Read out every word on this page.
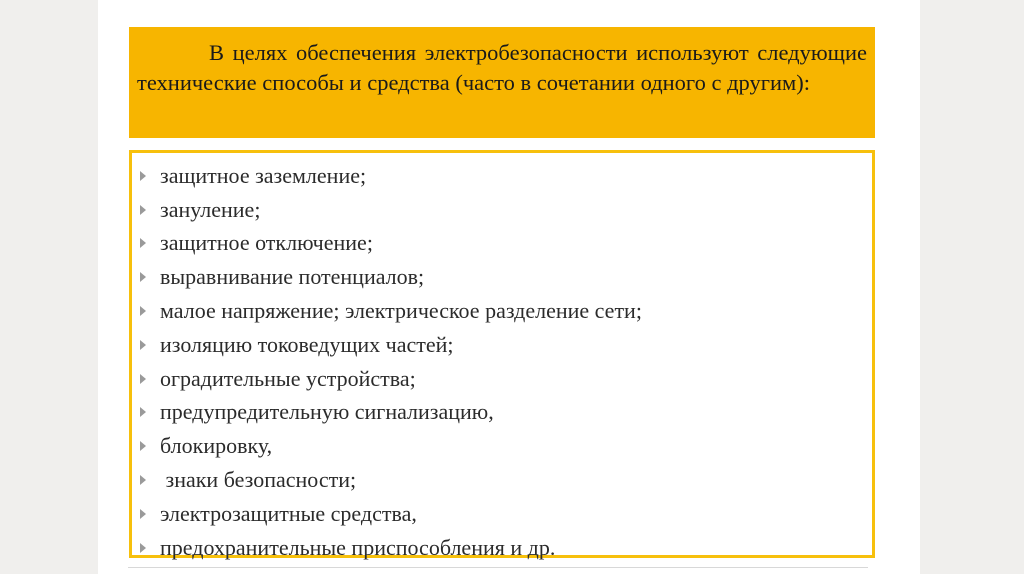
В целях обеспечения электробезопасности используют следующие технические способы и средства (часто в сочетании одного с другим):

защитное заземление;
зануление;
защитное отключение;
выравнивание потенциалов;
малое напряжение; электрическое разделение сети;
изоляцию токоведущих частей;
оградительные устройства;
предупредительную сигнализацию,
блокировку,
знаки безопасности;
электрозащитные средства,
предохранительные приспособления и др.
